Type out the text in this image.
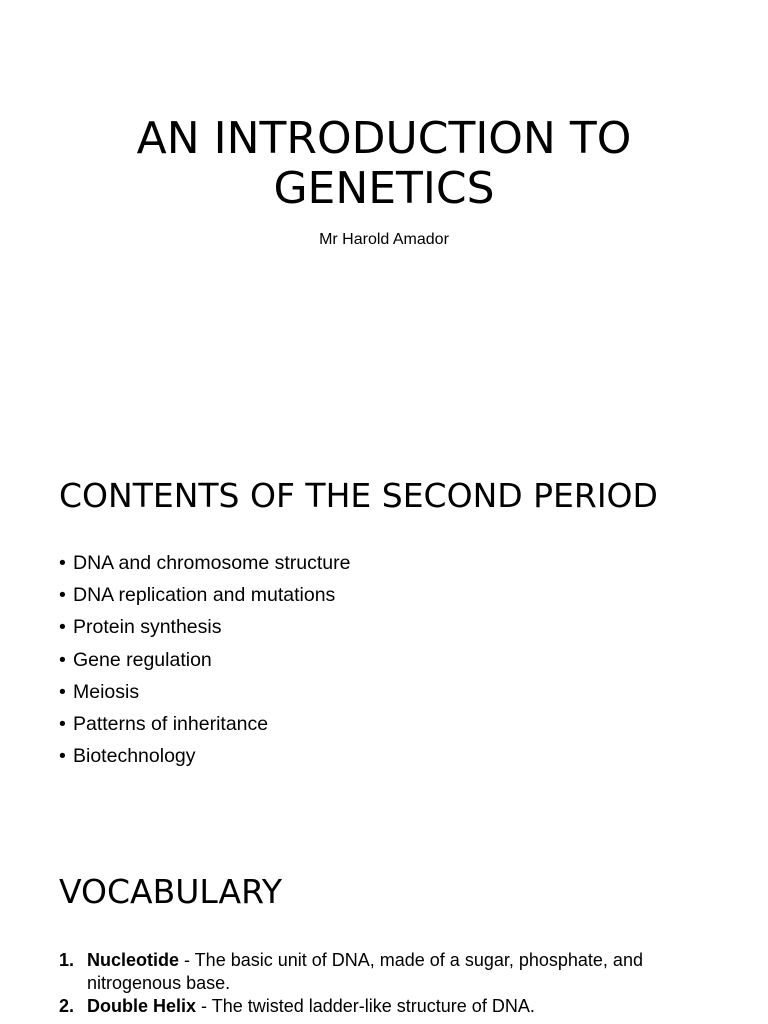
AN INTRODUCTION TO
GENETICS
Mr Harold Amador
CONTENTS OF THE SECOND PERIOD
• DNA and chromosome structure
• DNA replication and mutations
• Protein synthesis
• Gene regulation
• Meiosis
• Patterns of inheritance
• Biotechnology
VOCABULARY
1. Nucleotide - The basic unit of DNA, made of a sugar, phosphate, and nitrogenous base.
2. Double Helix - The twisted ladder-like structure of DNA.
